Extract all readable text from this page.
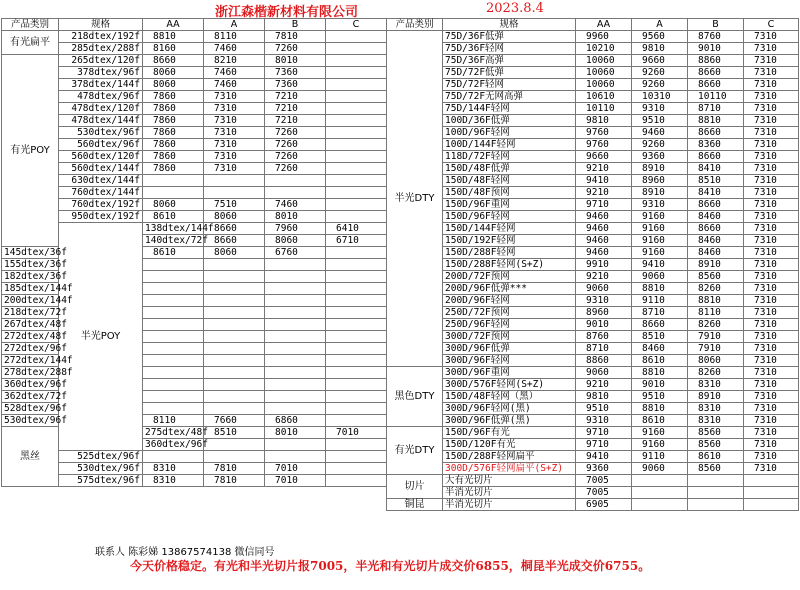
浙江森楷新材料有限公司	2023.8.4
产品类别	规格	AA	A	B	C	
有光扁平	218dtex/192f	8810	8110	7810		
	285dtex/288f	8160	7460	7260		
有光POY	265dtex/120f	8660	8210	8010		
	378dtex/96f	8060	7460	7360		
	378dtex/144f	8060	7460	7360		
	478dtex/96f	7860	7310	7210		
	478dtex/120f	7860	7310	7210		
	478dtex/144f	7860	7310	7210		
	530dtex/96f	7860	7310	7260		
	560dtex/96f	7860	7310	7260		
	560dtex/120f	7860	7310	7260		
	560dtex/144f	7860	7310	7260		
	630dtex/144f					
	760dtex/144f					
	760dtex/192f	8060	7510	7460		
	950dtex/192f	8610	8060	8010		
	半光POY	138dtex/144f	8660	7960	6410	
		140dtex/72f	8660	8060	6710	
145dtex/36f		8610	8060	6760		
155dtex/36f						
182dtex/36f						
185dtex/144f						
200dtex/144f						
218dtex/72f						
267dtex/48f						
272dtex/48f						
272dtex/96f						
272dtex/144f						
278dtex/288f						
360dtex/96f						
362dtex/72f						
528dtex/96f						
530dtex/96f		8110	7660	6860		
黑丝		275dtex/48f	8510	8010	7010	
		360dtex/96f				
	525dtex/96f					
	530dtex/96f	8310	7810	7010		
	575dtex/96f	8310	7810	7010		
产品类别	规格	AA	A	B	C
半光DTY	75D/36F低弹	9960	9560	8760	7310
	75D/36F轻网	10210	9810	9010	7310
	75D/36F高弹	10060	9660	8860	7310
	75D/72F低弹	10060	9260	8660	7310
	75D/72F轻网	10060	9260	8660	7310
	75D/72F无网高弹	10610	10310	10110	7310
	75D/144F轻网	10110	9310	8710	7310
	100D/36F低弹	9810	9510	8810	7310
	100D/96F轻网	9760	9460	8660	7310
	100D/144F轻网	9760	9260	8360	7310
	118D/72F轻网	9660	9360	8660	7310
	150D/48F低弹	9210	8910	8410	7310
	150D/48F轻网	9410	8960	8510	7310
	150D/48F预网	9210	8910	8410	7310
	150D/96F重网	9710	9310	8660	7310
	150D/96F轻网	9460	9160	8460	7310
	150D/144F轻网	9460	9160	8660	7310
	150D/192F轻网	9460	9160	8460	7310
	150D/288F轻网	9460	9160	8460	7310
	150D/288F轻网(S+Z)	9910	9410	8910	7310
	200D/72F预网	9210	9060	8560	7310
	200D/96F低弹***	9060	8810	8260	7310
	200D/96F轻网	9310	9110	8810	7310
	250D/72F预网	8960	8710	8110	7310
	250D/96F轻网	9010	8660	8260	7310
	300D/72F预网	8760	8510	7910	7310
	300D/96F低弹	8710	8460	7910	7310
	300D/96F轻网	8860	8610	8060	7310
黑色DTY	300D/96F重网	9060	8810	8260	7310
	300D/576F轻网(S+Z)	9210	9010	8310	7310
	150D/48F轻网（黑）	9810	9510	8910	7310
	300D/96F轻网(黑)	9510	8810	8310	7310
	300D/96F低弹(黑)	9310	8610	8310	7310
有光DTY	150D/96F有光	9710	9160	8560	7310
	150D/120F有光	9710	9160	8560	7310
	150D/288F轻网扁平	9410	9110	8610	7310
	300D/576F轻网扁平(S+Z)	9360	9060	8560	7310
切片	大有光切片	7005			
	半消光切片	7005			
铜昆	半消光切片	6905			
联系人 陈彩娣 13867574138 微信同号
今天价格稳定。有光和半光切片报7005，半光和有光切片成交价6855，桐昆半光成交价6755。
